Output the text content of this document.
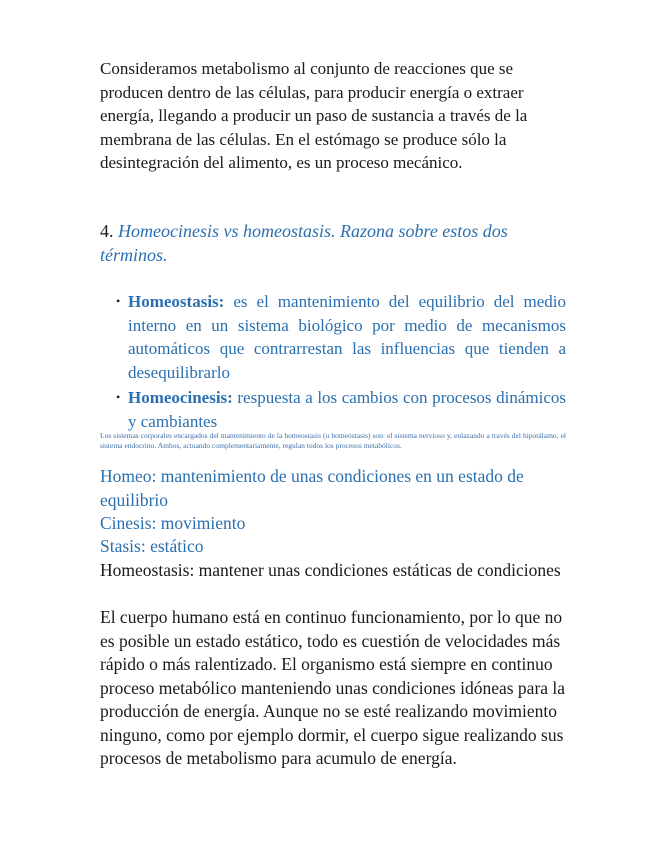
Consideramos metabolismo al conjunto de reacciones que se producen dentro de las células, para producir energía o extraer energía, llegando a producir un paso de sustancia a través de la membrana de las células. En el estómago se produce sólo la desintegración del alimento, es un proceso mecánico.

4. Homeocinesis vs homeostasis. Razona sobre estos dos términos.

• Homeostasis: es el mantenimiento del equilibrio del medio interno en un sistema biológico por medio de mecanismos automáticos que contrarrestan las influencias que tienden a desequilibrarlo
• Homeocinesis: respuesta a los cambios con procesos dinámicos y cambiantes

Los sistemas corporales encargados del mantenimiento de la homeostasis (u homeóstasis) son: el sistema nervioso y, enlazando a través del hipotálamo, el sistema endocrino. Ambos, actuando complementariamente, regulan todos los procesos metabólicos.

Homeo: mantenimiento de unas condiciones en un estado de equilibrio

Cinesis: movimiento

Stasis: estático

Homeostasis: mantener unas condiciones estáticas de condiciones

El cuerpo humano está en continuo funcionamiento, por lo que no es posible un estado estático, todo es cuestión de velocidades más rápido o más ralentizado. El organismo está siempre en continuo proceso metabólico manteniendo unas condiciones idóneas para la producción de energía. Aunque no se esté realizando movimiento ninguno, como por ejemplo dormir, el cuerpo sigue realizando sus procesos de metabolismo para acumulo de energía.
